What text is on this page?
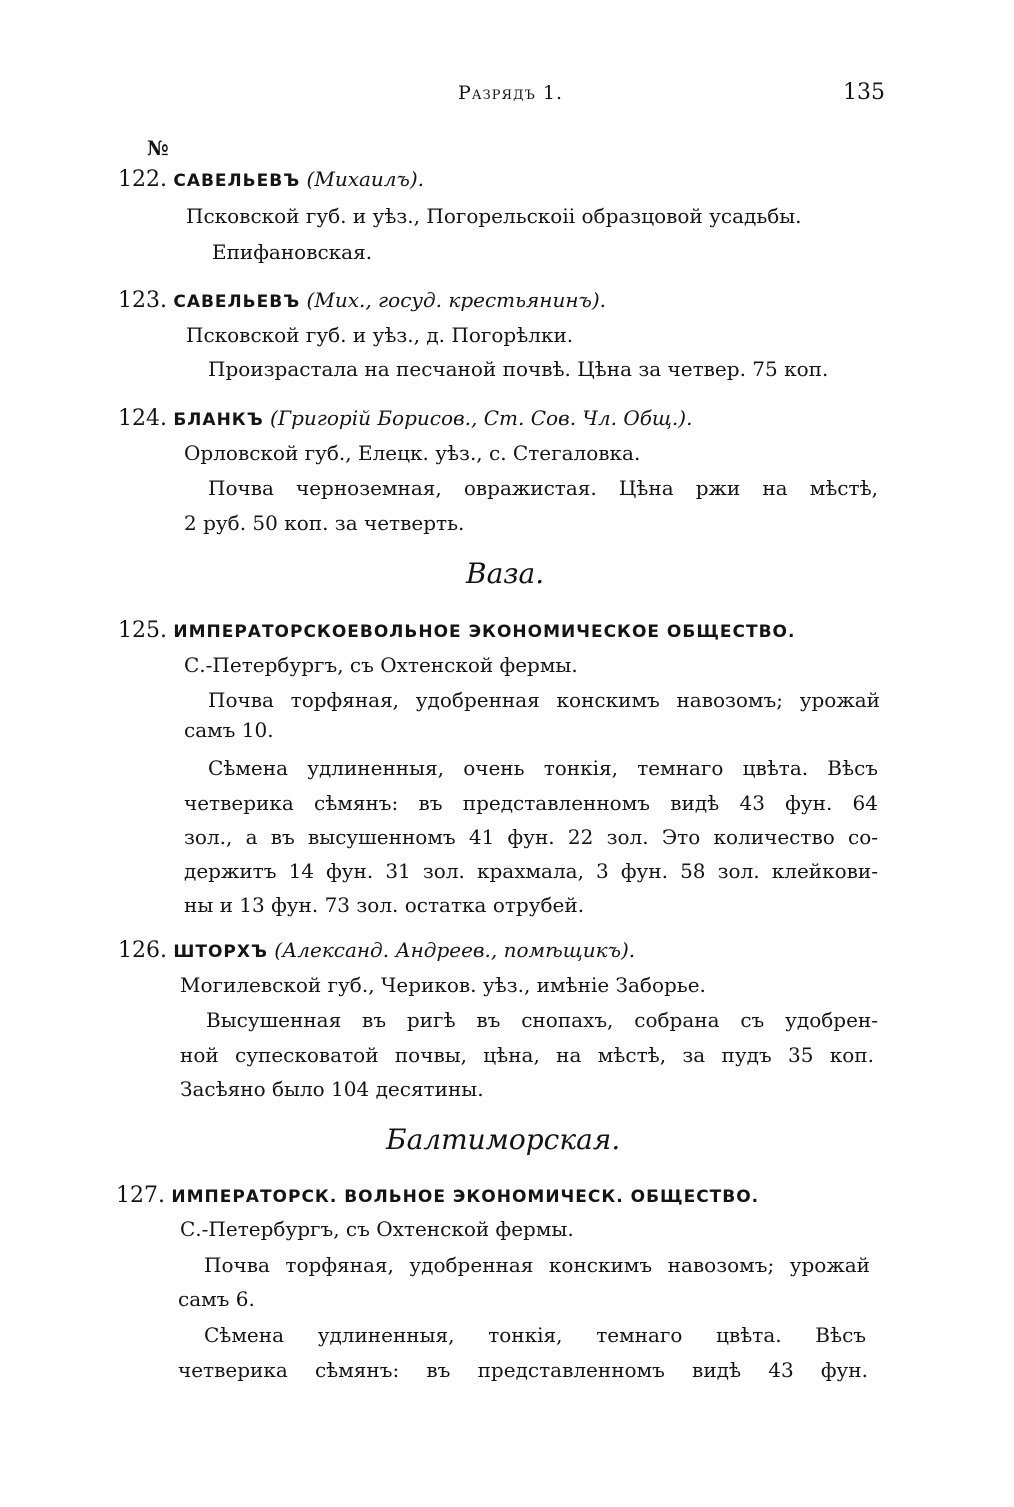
Разрядъ 1.	135
№
122. САВЕЛЬЕВЪ (Михаилъ).
Псковской губ. и уѣз., Погорельскоіі образцовой усадьбы.
Епифановская.
123. САВЕЛЬЕВЪ (Мих., госуд. крестьянинъ).
Псковской губ. и уѣз., д. Погорѣлки.
Произрастала на песчаной почвѣ. Цѣна за четвер. 75 коп.
124. БЛАНКЪ (Григорій Борисов., Ст. Сов. Чл. Общ.).
Орловской губ., Елецк. уѣз., с. Стегаловка.
Почва черноземная, овражистая. Цѣна ржи на мѣстѣ,
2 руб. 50 коп. за четверть.
Ваза.
125. ИМПЕРАТОРСКОЕВОЛЬНОЕ ЭКОНОМИЧЕСКОЕ ОБЩЕСТВО.
С.-Петербургъ, съ Охтенской фермы.
Почва торфяная, удобренная конскимъ навозомъ; урожай
самъ 10.
Сѣмена удлиненныя, очень тонкія, темнаго цвѣта. Вѣсъ
четверика сѣмянъ: въ представленномъ видѣ 43 фун. 64
зол., а въ высушенномъ 41 фун. 22 зол. Это количество со-
держитъ 14 фун. 31 зол. крахмала, 3 фун. 58 зол. клейкови-
ны и 13 фун. 73 зол. остатка отрубей.
126. ШТОРХЪ (Александ. Андреев., помѣщикъ).
Могилевской губ., Чериков. уѣз., имѣніе Заборье.
Высушенная въ ригѣ въ снопахъ, собрана съ удобрен-
ной супесковатой почвы, цѣна, на мѣстѣ, за пудъ 35 коп.
Засѣяно было 104 десятины.
Балтиморская.
127. ИМПЕРАТОРСК. ВОЛЬНОЕ ЭКОНОМИЧЕСК. ОБЩЕСТВО.
С.-Петербургъ, съ Охтенской фермы.
Почва торфяная, удобренная конскимъ навозомъ; урожай
самъ 6.
Сѣмена удлиненныя, тонкія, темнаго цвѣта. Вѣсъ
четверика сѣмянъ: въ представленномъ видѣ 43 фун.
